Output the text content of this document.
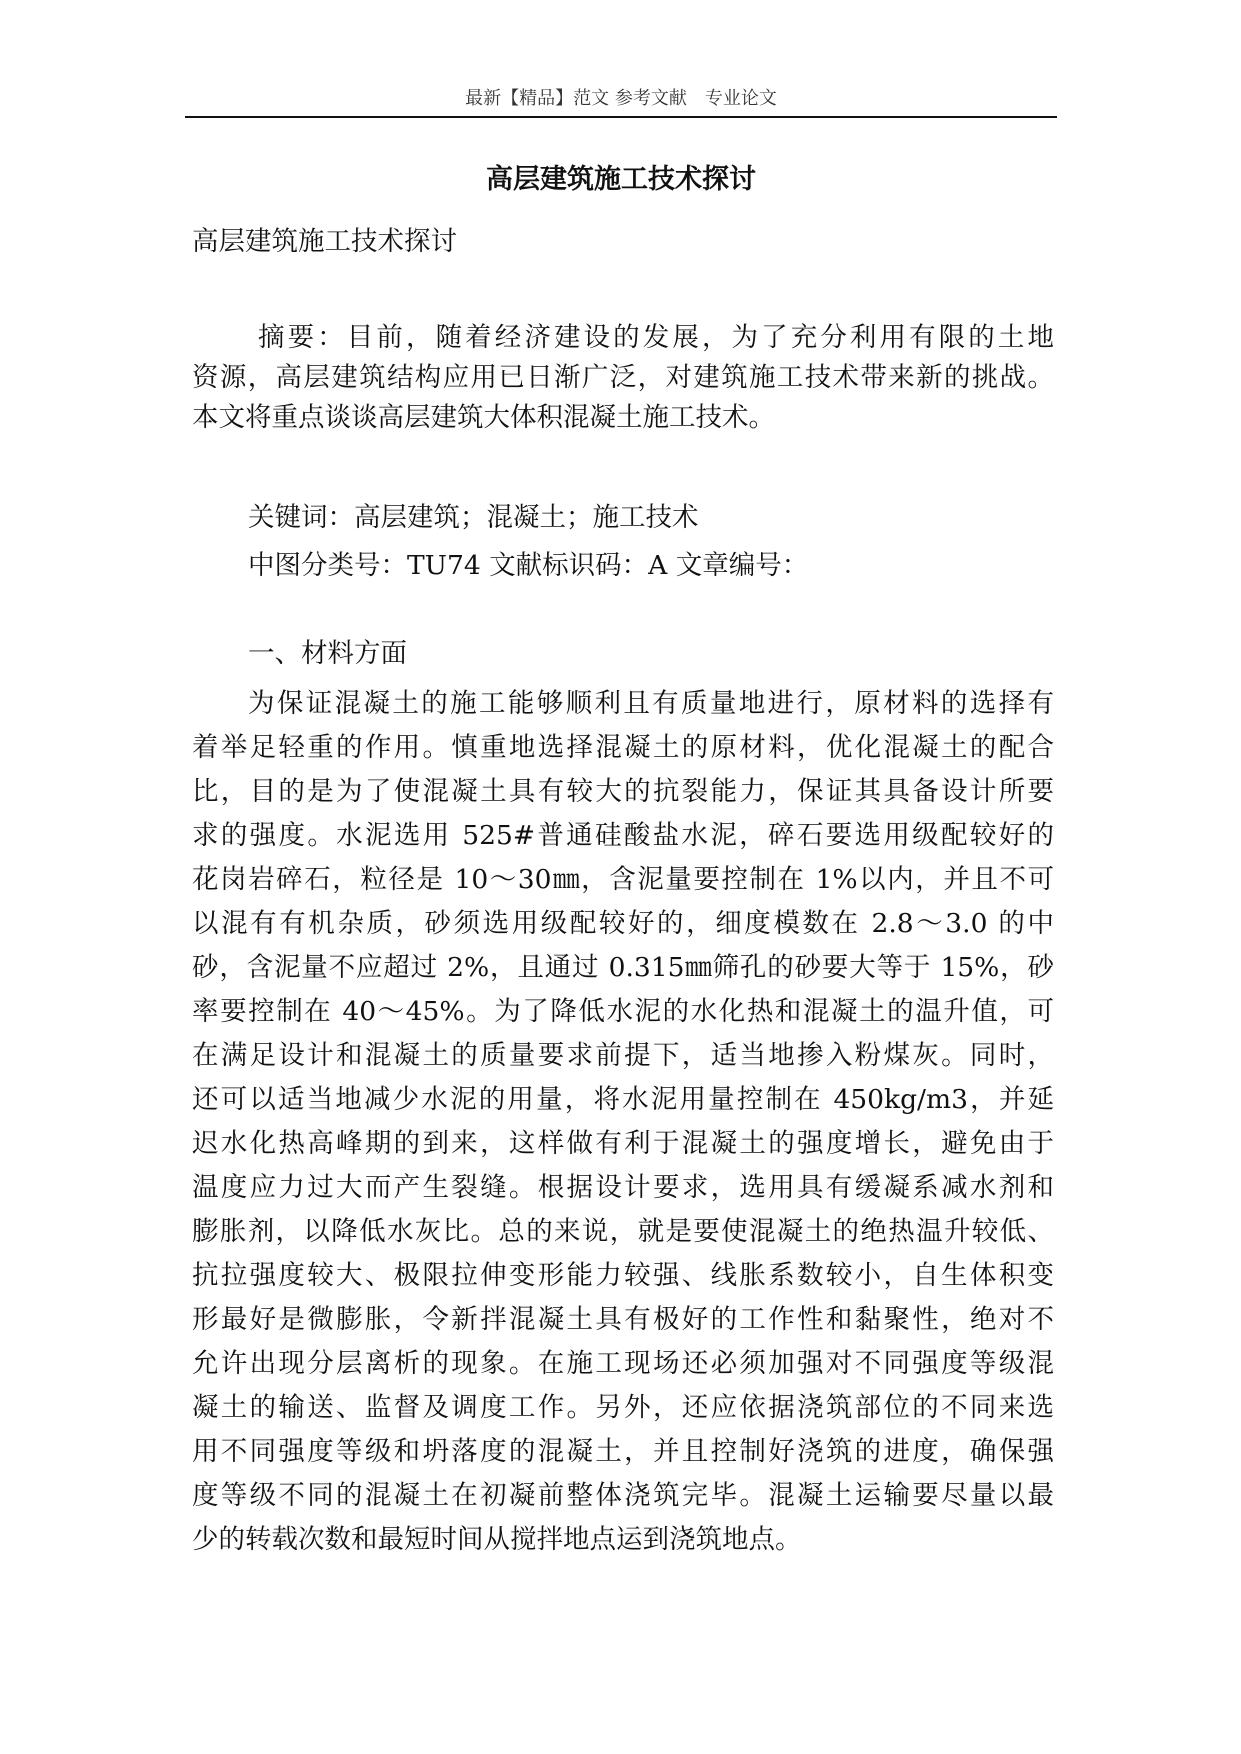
最新【精品】范文 参考文献　专业论文
高层建筑施工技术探讨
高层建筑施工技术探讨
摘要：目前，随着经济建设的发展，为了充分利用有限的土地
资源，高层建筑结构应用已日渐广泛，对建筑施工技术带来新的挑战。
本文将重点谈谈高层建筑大体积混凝土施工技术。
关键词：高层建筑；混凝土；施工技术
中图分类号：TU74 文献标识码：A 文章编号：
一、材料方面
为保证混凝土的施工能够顺利且有质量地进行，原材料的选择有
着举足轻重的作用。慎重地选择混凝土的原材料，优化混凝土的配合
比，目的是为了使混凝土具有较大的抗裂能力，保证其具备设计所要
求的强度。水泥选用 525#普通硅酸盐水泥，碎石要选用级配较好的
花岗岩碎石，粒径是 10～30㎜，含泥量要控制在 1%以内，并且不可
以混有有机杂质，砂须选用级配较好的，细度模数在 2.8～3.0 的中
砂，含泥量不应超过 2%，且通过 0.315㎜筛孔的砂要大等于 15%，砂
率要控制在 40～45%。为了降低水泥的水化热和混凝土的温升值，可
在满足设计和混凝土的质量要求前提下，适当地掺入粉煤灰。同时，
还可以适当地减少水泥的用量，将水泥用量控制在 450kg/m3，并延
迟水化热高峰期的到来，这样做有利于混凝土的强度增长，避免由于
温度应力过大而产生裂缝。根据设计要求，选用具有缓凝系减水剂和
膨胀剂，以降低水灰比。总的来说，就是要使混凝土的绝热温升较低、
抗拉强度较大、极限拉伸变形能力较强、线胀系数较小，自生体积变
形最好是微膨胀，令新拌混凝土具有极好的工作性和黏聚性，绝对不
允许出现分层离析的现象。在施工现场还必须加强对不同强度等级混
凝土的输送、监督及调度工作。另外，还应依据浇筑部位的不同来选
用不同强度等级和坍落度的混凝土，并且控制好浇筑的进度，确保强
度等级不同的混凝土在初凝前整体浇筑完毕。混凝土运输要尽量以最
少的转载次数和最短时间从搅拌地点运到浇筑地点。
